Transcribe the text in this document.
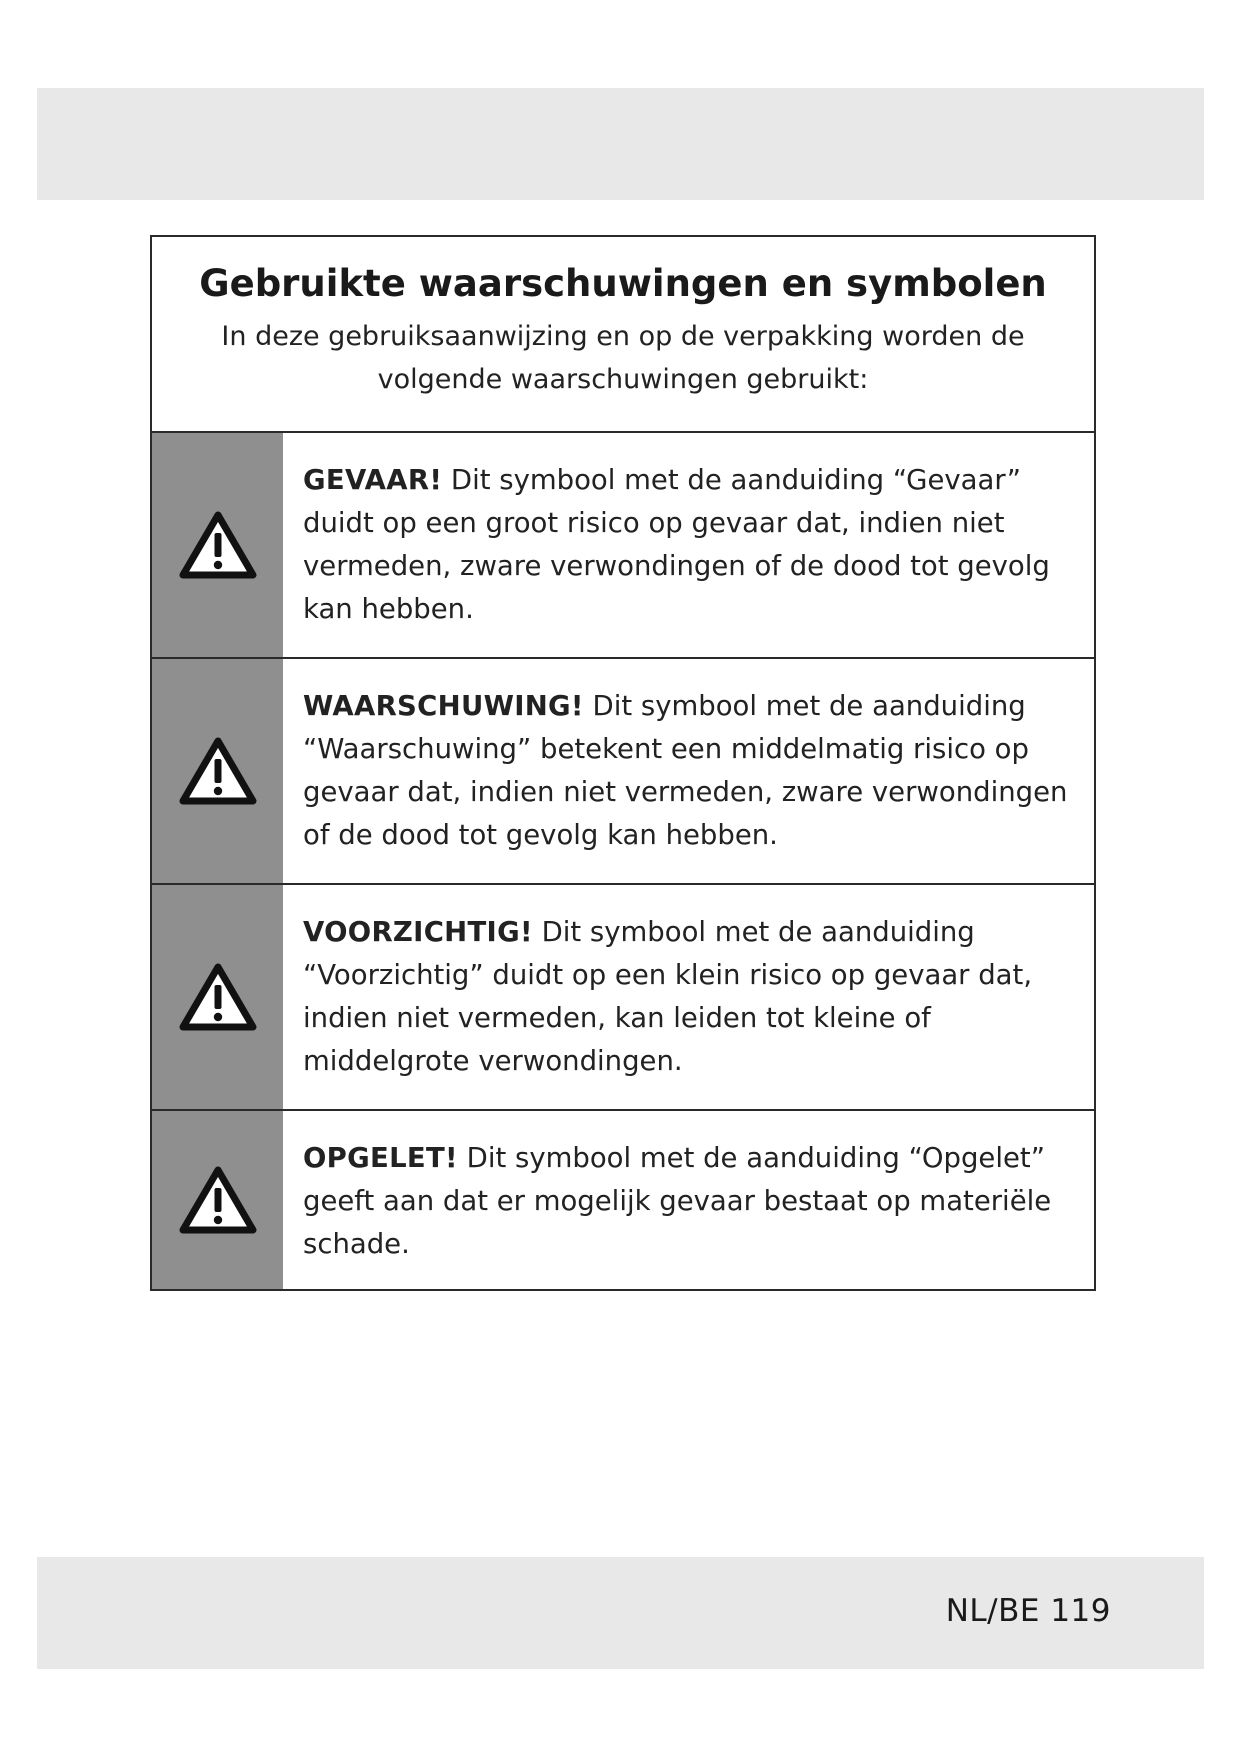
Gebruikte waarschuwingen en symbolen

In deze gebruiksaanwijzing en op de verpakking worden de volgende waarschuwingen gebruikt:

GEVAAR! Dit symbool met de aanduiding “Gevaar” duidt op een groot risico op gevaar dat, indien niet vermeden, zware verwondingen of de dood tot gevolg kan hebben.
WAARSCHUWING! Dit symbool met de aanduiding “Waarschuwing” betekent een middelmatig risico op gevaar dat, indien niet vermeden, zware verwondingen of de dood tot gevolg kan hebben.
VOORZICHTIG! Dit symbool met de aanduiding “Voorzichtig” duidt op een klein risico op gevaar dat, indien niet vermeden, kan leiden tot kleine of middelgrote verwondingen.
OPGELET! Dit symbool met de aanduiding “Opgelet” geeft aan dat er mogelijk gevaar bestaat op materiële schade.
NL/BE 119
